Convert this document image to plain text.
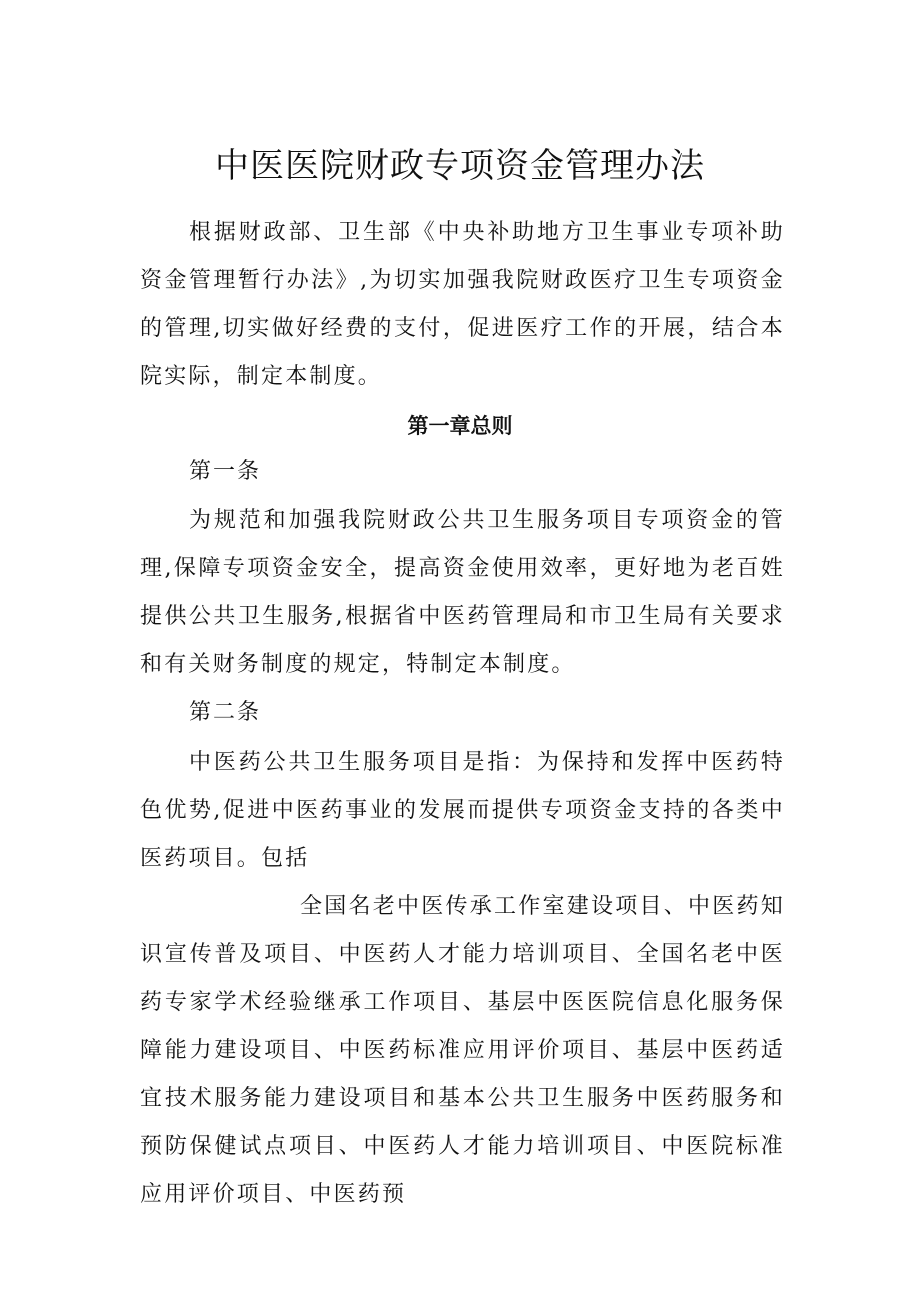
中医医院财政专项资金管理办法

根据财政部、卫生部《中央补助地方卫生事业专项补助资金管理暂行办法》,为切实加强我院财政医疗卫生专项资金的管理,切实做好经费的支付，促进医疗工作的开展，结合本院实际，制定本制度。

第一章总则

第一条

为规范和加强我院财政公共卫生服务项目专项资金的管理,保障专项资金安全，提高资金使用效率，更好地为老百姓提供公共卫生服务,根据省中医药管理局和市卫生局有关要求和有关财务制度的规定，特制定本制度。

第二条

中医药公共卫生服务项目是指：为保持和发挥中医药特色优势,促进中医药事业的发展而提供专项资金支持的各类中医药项目。包括

全国名老中医传承工作室建设项目、中医药知识宣传普及项目、中医药人才能力培训项目、全国名老中医药专家学术经验继承工作项目、基层中医医院信息化服务保障能力建设项目、中医药标准应用评价项目、基层中医药适宜技术服务能力建设项目和基本公共卫生服务中医药服务和预防保健试点项目、中医药人才能力培训项目、中医院标准应用评价项目、中医药预
